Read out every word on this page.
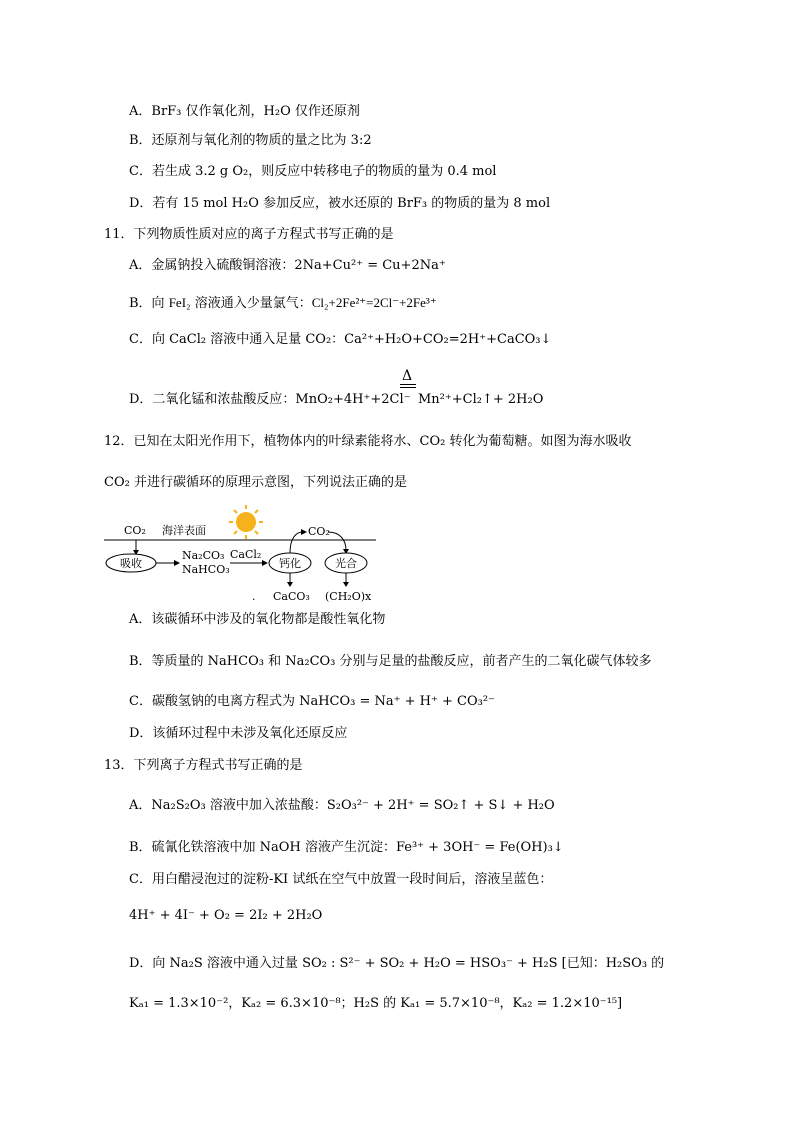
A．BrF₃ 仅作氧化剂，H₂O 仅作还原剂
B．还原剂与氧化剂的物质的量之比为 3:2
C．若生成 3.2 g O₂，则反应中转移电子的物质的量为 0.4 mol
D．若有 15 mol H₂O 参加反应，被水还原的 BrF₃ 的物质的量为 8 mol
11．下列物质性质对应的离子方程式书写正确的是
A．金属钠投入硫酸铜溶液：2Na+Cu²⁺ = Cu+2Na⁺
B．向 FeI₂ 溶液通入少量氯气：Cl₂+2Fe²⁺=2Cl⁻+2Fe³⁺
C．向 CaCl₂ 溶液中通入足量 CO₂：Ca²⁺+H₂O+CO₂=2H⁺+CaCO₃↓
Δ
D．二氧化锰和浓盐酸反应：MnO₂+4H⁺+2Cl⁻ Mn²⁺+Cl₂↑+ 2H₂O
12．已知在太阳光作用下，植物体内的叶绿素能将水、CO₂ 转化为葡萄糖。如图为海水吸收
CO₂ 并进行碳循环的原理示意图，下列说法正确的是
CO₂ 海洋表面
吸收
Na₂CO₃
NaHCO₃
CaCl₂
钙化
CO₂
光合
CaCO₃ (CH₂O)x
.
A．该碳循环中涉及的氧化物都是酸性氧化物
B．等质量的 NaHCO₃ 和 Na₂CO₃ 分别与足量的盐酸反应，前者产生的二氧化碳气体较多
C．碳酸氢钠的电离方程式为 NaHCO₃ = Na⁺ + H⁺ + CO₃²⁻
D．该循环过程中未涉及氧化还原反应
13．下列离子方程式书写正确的是
A．Na₂S₂O₃ 溶液中加入浓盐酸：S₂O₃²⁻ + 2H⁺ = SO₂↑ + S↓ + H₂O
B．硫氰化铁溶液中加 NaOH 溶液产生沉淀：Fe³⁺ + 3OH⁻ = Fe(OH)₃↓
C．用白醋浸泡过的淀粉-KI 试纸在空气中放置一段时间后，溶液呈蓝色：
4H⁺ + 4I⁻ + O₂ = 2I₂ + 2H₂O
D．向 Na₂S 溶液中通入过量 SO₂ : S²⁻ + SO₂ + H₂O = HSO₃⁻ + H₂S [已知：H₂SO₃ 的
Kₐ₁ = 1.3×10⁻²，Kₐ₂ = 6.3×10⁻⁸；H₂S 的 Kₐ₁ = 5.7×10⁻⁸，Kₐ₂ = 1.2×10⁻¹⁵]
